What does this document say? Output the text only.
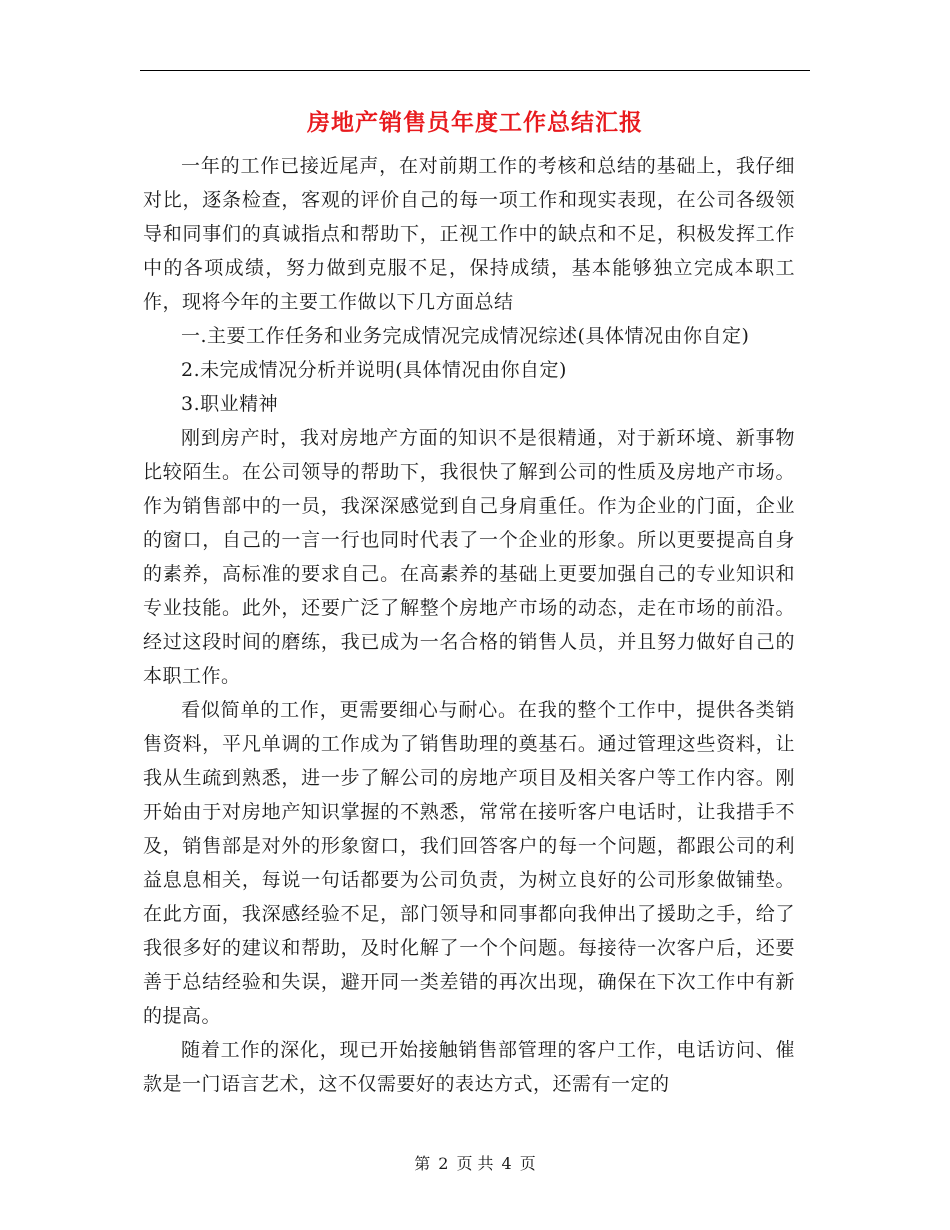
房地产销售员年度工作总结汇报

一年的工作已接近尾声，在对前期工作的考核和总结的基础上，我仔细对比，逐条检查，客观的评价自己的每一项工作和现实表现，在公司各级领导和同事们的真诚指点和帮助下，正视工作中的缺点和不足，积极发挥工作中的各项成绩，努力做到克服不足，保持成绩，基本能够独立完成本职工作，现将今年的主要工作做以下几方面总结

一.主要工作任务和业务完成情况完成情况综述(具体情况由你自定)

2.未完成情况分析并说明(具体情况由你自定)

3.职业精神

刚到房产时，我对房地产方面的知识不是很精通，对于新环境、新事物比较陌生。在公司领导的帮助下，我很快了解到公司的性质及房地产市场。作为销售部中的一员，我深深感觉到自己身肩重任。作为企业的门面，企业的窗口，自己的一言一行也同时代表了一个企业的形象。所以更要提高自身的素养，高标准的要求自己。在高素养的基础上更要加强自己的专业知识和专业技能。此外，还要广泛了解整个房地产市场的动态，走在市场的前沿。经过这段时间的磨练，我已成为一名合格的销售人员，并且努力做好自己的本职工作。

看似简单的工作，更需要细心与耐心。在我的整个工作中，提供各类销售资料，平凡单调的工作成为了销售助理的奠基石。通过管理这些资料，让我从生疏到熟悉，进一步了解公司的房地产项目及相关客户等工作内容。刚开始由于对房地产知识掌握的不熟悉，常常在接听客户电话时，让我措手不及，销售部是对外的形象窗口，我们回答客户的每一个问题，都跟公司的利益息息相关，每说一句话都要为公司负责，为树立良好的公司形象做铺垫。在此方面，我深感经验不足，部门领导和同事都向我伸出了援助之手，给了我很多好的建议和帮助，及时化解了一个个问题。每接待一次客户后，还要善于总结经验和失误，避开同一类差错的再次出现，确保在下次工作中有新的提高。

随着工作的深化，现已开始接触销售部管理的客户工作，电话访问、催款是一门语言艺术，这不仅需要好的表达方式，还需有一定的

第 2 页 共 4 页
